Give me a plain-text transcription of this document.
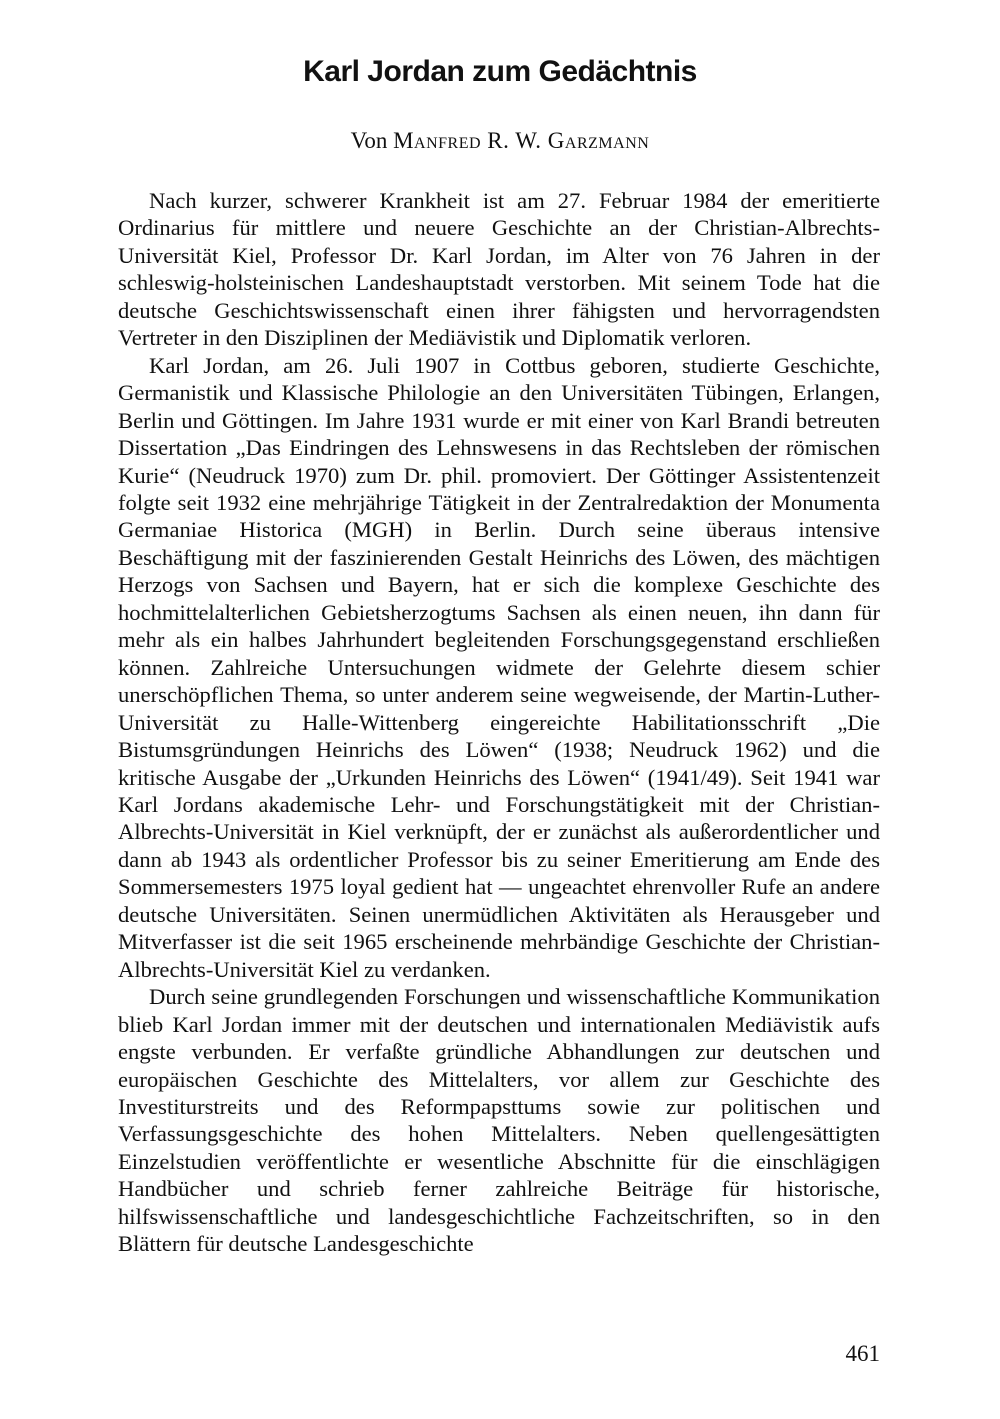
Karl Jordan zum Gedächtnis

Von Manfred R. W. Garzmann

Nach kurzer, schwerer Krankheit ist am 27. Februar 1984 der emeritierte Ordinarius für mittlere und neuere Geschichte an der Christian-Albrechts-Universität Kiel, Professor Dr. Karl Jordan, im Alter von 76 Jahren in der schleswig-holsteinischen Landeshauptstadt verstorben. Mit seinem Tode hat die deutsche Geschichtswissenschaft einen ihrer fähigsten und hervorragendsten Vertreter in den Disziplinen der Mediävistik und Diplomatik verloren.

Karl Jordan, am 26. Juli 1907 in Cottbus geboren, studierte Geschichte, Germanistik und Klassische Philologie an den Universitäten Tübingen, Erlangen, Berlin und Göttingen. Im Jahre 1931 wurde er mit einer von Karl Brandi betreuten Dissertation „Das Eindringen des Lehnswesens in das Rechtsleben der römischen Kurie“ (Neudruck 1970) zum Dr. phil. promoviert. Der Göttinger Assistentenzeit folgte seit 1932 eine mehrjährige Tätigkeit in der Zentralredaktion der Monumenta Germaniae Historica (MGH) in Berlin. Durch seine überaus intensive Beschäftigung mit der faszinierenden Gestalt Heinrichs des Löwen, des mächtigen Herzogs von Sachsen und Bayern, hat er sich die komplexe Geschichte des hochmittelalterlichen Gebietsherzogtums Sachsen als einen neuen, ihn dann für mehr als ein halbes Jahrhundert begleitenden Forschungsgegenstand erschließen können. Zahlreiche Untersuchungen widmete der Gelehrte diesem schier unerschöpflichen Thema, so unter anderem seine wegweisende, der Martin-Luther-Universität zu Halle-Wittenberg eingereichte Habilitationsschrift „Die Bistumsgründungen Heinrichs des Löwen“ (1938; Neudruck 1962) und die kritische Ausgabe der „Urkunden Heinrichs des Löwen“ (1941/49). Seit 1941 war Karl Jordans akademische Lehr- und Forschungstätigkeit mit der Christian-Albrechts-Universität in Kiel verknüpft, der er zunächst als außerordentlicher und dann ab 1943 als ordentlicher Professor bis zu seiner Emeritierung am Ende des Sommersemesters 1975 loyal gedient hat — ungeachtet ehrenvoller Rufe an andere deutsche Universitäten. Seinen unermüdlichen Aktivitäten als Herausgeber und Mitverfasser ist die seit 1965 erscheinende mehrbändige Geschichte der Christian-Albrechts-Universität Kiel zu verdanken.

Durch seine grundlegenden Forschungen und wissenschaftliche Kommunikation blieb Karl Jordan immer mit der deutschen und internationalen Mediävistik aufs engste verbunden. Er verfaßte gründliche Abhandlungen zur deutschen und europäischen Geschichte des Mittelalters, vor allem zur Geschichte des Investiturstreits und des Reformpapsttums sowie zur politischen und Verfassungsgeschichte des hohen Mittelalters. Neben quellengesättigten Einzelstudien veröffentlichte er wesentliche Abschnitte für die einschlägigen Handbücher und schrieb ferner zahlreiche Beiträge für historische, hilfswissenschaftliche und landesgeschichtliche Fachzeitschriften, so in den Blättern für deutsche Landesgeschichte

461
